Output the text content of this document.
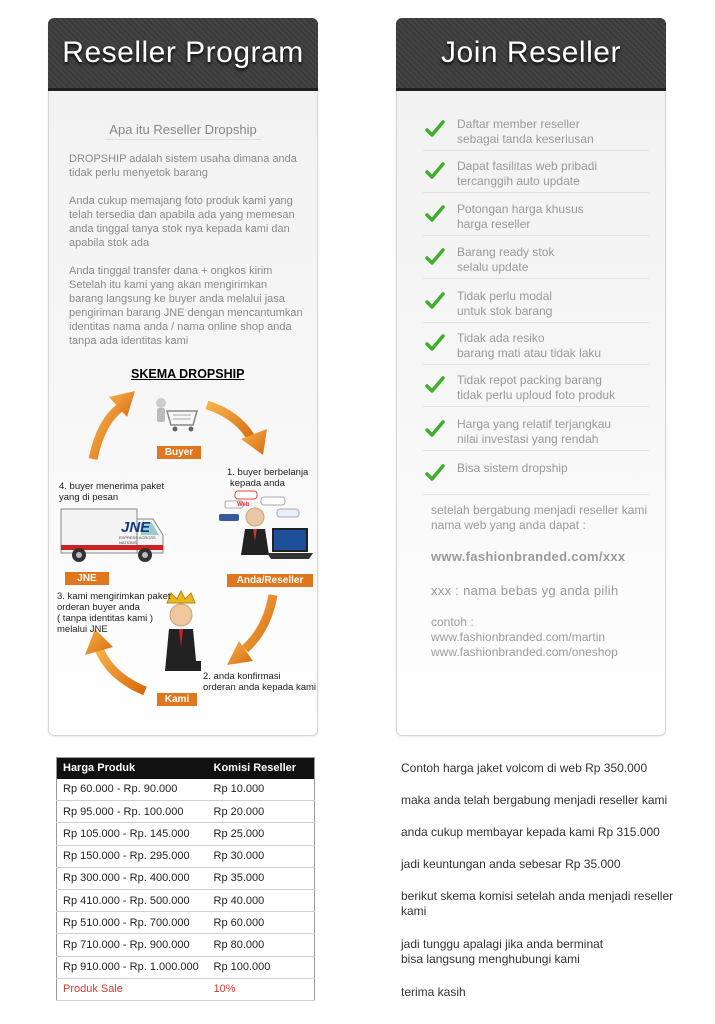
Reseller Program
Apa itu Reseller Dropship
DROPSHIP adalah sistem usaha dimana anda
tidak perlu menyetok barang
Anda cukup memajang foto produk kami yang
telah tersedia dan apabila ada yang memesan
anda tinggal tanya stok nya kepada kami dan
apabila stok ada
Anda tinggal transfer dana + ongkos kirim
Setelah itu kami yang akan mengirimkan
barang langsung ke buyer anda melalui jasa
pengiriman barang JNE dengan mencantumkan
identitas nama anda / nama online shop anda
tanpa ada identitas kami
SKEMA DROPSHIP
JNE
EXPRESS ACROSS NATIONS
Web
Buyer
Anda/Reseller
JNE
Kami
1. buyer berbelanja
kepada anda
4. buyer menerima paket
yang di pesan
3. kami mengirimkan paket
orderan buyer anda
( tanpa identitas kami )
melalui JNE
2. anda konfirmasi
orderan anda kepada kami
Join Reseller
Daftar member reseller
sebagai tanda keseriusan
Dapat fasilitas web pribadi
tercanggih auto update
Potongan harga khusus
harga reseller
Barang ready stok
selalu update
Tidak perlu modal
untuk stok barang
Tidak ada resiko
barang mati atau tidak laku
Tidak repot packing barang
tidak perlu uploud foto produk
Harga yang relatif terjangkau
nilai investasi yang rendah
Bisa sistem dropship
setelah bergabung menjadi reseller kami
nama web yang anda dapat :
www.fashionbranded.com/xxx
xxx : nama bebas yg anda pilih
contoh :
www.fashionbranded.com/martin
www.fashionbranded.com/oneshop
Harga Produk	Komisi Reseller
Rp 60.000 - Rp. 90.000	Rp 10.000
Rp 95.000 - Rp. 100.000	Rp 20.000
Rp 105.000 - Rp. 145.000	Rp 25.000
Rp 150.000 - Rp. 295.000	Rp 30.000
Rp 300.000 - Rp. 400.000	Rp 35.000
Rp 410.000 - Rp. 500.000	Rp 40.000
Rp 510.000 - Rp. 700.000	Rp 60.000
Rp 710.000 - Rp. 900.000	Rp 80.000
Rp 910.000 - Rp. 1.000.000	Rp 100.000
Produk Sale	10%
Contoh harga jaket volcom di web Rp 350.000
maka anda telah bergabung menjadi reseller kami
anda cukup membayar kepada kami Rp 315.000
jadi keuntungan anda sebesar Rp 35.000
berikut skema komisi setelah anda menjadi reseller
kami
jadi tunggu apalagi jika anda berminat
bisa langsung menghubungi kami
terima kasih
